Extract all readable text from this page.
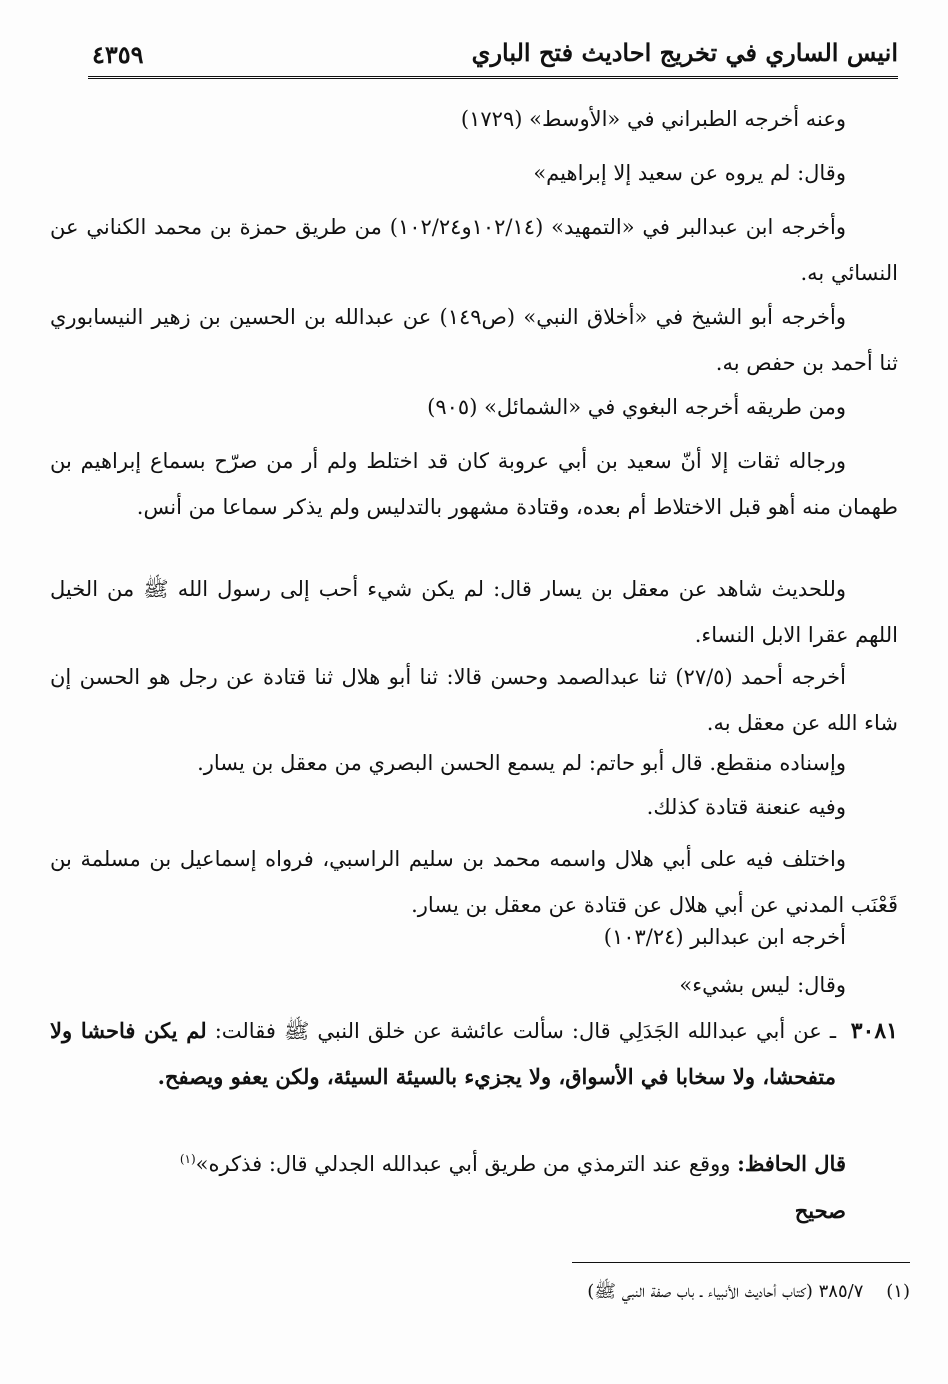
انيس الساري في تخريج احاديث فتح الباري
٤٣٥٩

وعنه أخرجه الطبراني في «الأوسط» (١٧٢٩)

وقال: لم يروه عن سعيد إلا إبراهيم»

وأخرجه ابن عبدالبر في «التمهيد» (١٠٢/١٤و١٠٢/٢٤) من طريق حمزة بن محمد الكناني عن النسائي به.

وأخرجه أبو الشيخ في «أخلاق النبي» (ص١٤٩) عن عبدالله بن الحسين بن زهير النيسابوري ثنا أحمد بن حفص به.

ومن طريقه أخرجه البغوي في «الشمائل» (٩٠٥)

ورجاله ثقات إلا أنّ سعيد بن أبي عروبة كان قد اختلط ولم أر من صرّح بسماع إبراهيم بن طهمان منه أهو قبل الاختلاط أم بعده، وقتادة مشهور بالتدليس ولم يذكر سماعا من أنس.

وللحديث شاهد عن معقل بن يسار قال: لم يكن شيء أحب إلى رسول الله ﷺ من الخيل اللهم عقرا الابل النساء.

أخرجه أحمد (٢٧/٥) ثنا عبدالصمد وحسن قالا: ثنا أبو هلال ثنا قتادة عن رجل هو الحسن إن شاء الله عن معقل به.

وإسناده منقطع. قال أبو حاتم: لم يسمع الحسن البصري من معقل بن يسار.

وفيه عنعنة قتادة كذلك.

واختلف فيه على أبي هلال واسمه محمد بن سليم الراسبي، فرواه إسماعيل بن مسلمة بن قَعْنَب المدني عن أبي هلال عن قتادة عن معقل بن يسار.

أخرجه ابن عبدالبر (١٠٣/٢٤)

وقال: ليس بشيء»

٣٠٨١
ـ عن أبي عبدالله الجَدَلِي قال: سألت عائشة عن خلق النبي ﷺ فقالت: لم يكن فاحشا ولا متفحشا، ولا سخابا في الأسواق، ولا يجزيء بالسيئة السيئة، ولكن يعفو ويصفح.

قال الحافظ: ووقع عند الترمذي من طريق أبي عبدالله الجدلي قال: فذكره»$^{(١)}$

صحيح

(١)    ٣٨٥/٧ (كتاب أحاديث الأنبياء ـ باب صفة النبي ﷺ)
